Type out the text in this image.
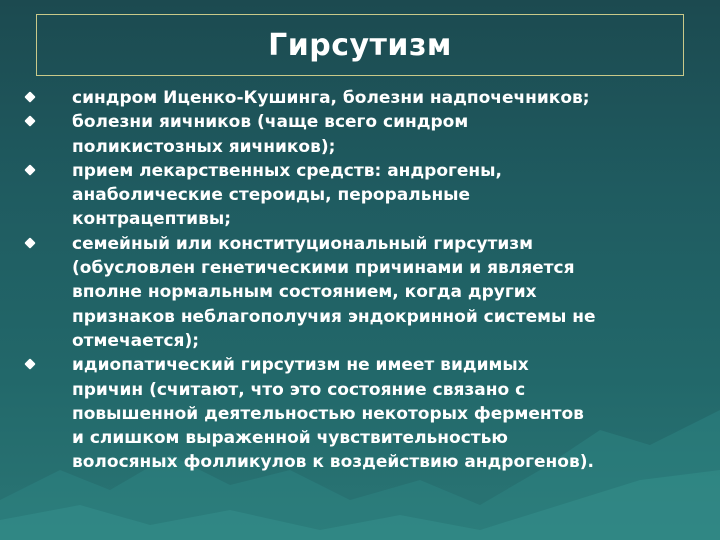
Гирсутизм
синдром Иценко-Кушинга, болезни надпочечников;
болезни яичников (чаще всего синдром
поликистозных яичников);
прием лекарственных средств: андрогены,
анаболические стероиды, пероральные
контрацептивы;
семейный или конституциональный гирсутизм
(обусловлен генетическими причинами и является
вполне нормальным состоянием, когда других
признаков неблагополучия эндокринной системы не
отмечается);
идиопатический гирсутизм не имеет видимых
причин (считают, что это состояние связано с
повышенной деятельностью некоторых ферментов
и слишком выраженной чувствительностью
волосяных фолликулов к воздействию андрогенов).
